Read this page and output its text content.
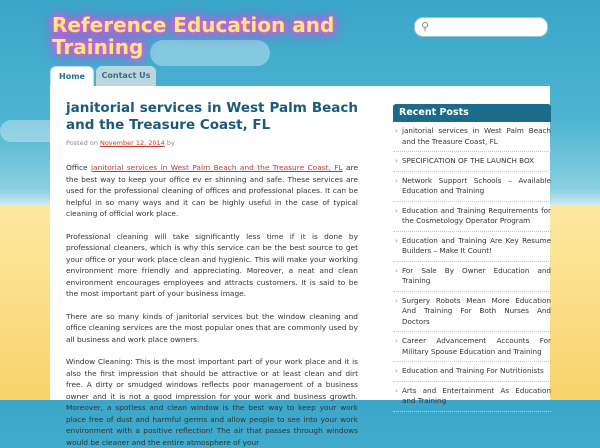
Reference Education and Training
⚲
Home	Contact Us
janitorial services in West Palm Beach and the Treasure Coast, FL
Posted on November 12, 2014 by

Office janitorial services in West Palm Beach and the Treasure Coast, FL are the best way to keep your office ev er shinning and safe. These services are used for the professional cleaning of offices and professional places. It can be helpful in so many ways and it can be highly useful in the case of typical cleaning of official work place.

Professional cleaning will take significantly less time if it is done by professional cleaners, which is why this service can be the best source to get your office or your work place clean and hygienic. This will make your working environment more friendly and appreciating. Moreover, a neat and clean environment encourages employees and attracts customers. It is said to be the most important part of your business image.

There are so many kinds of janitorial services but the window cleaning and office cleaning services are the most popular ones that are commonly used by all business and work place owners.

Window Cleaning: This is the most important part of your work place and it is also the first impression that should be attractive or at least clean and dirt free. A dirty or smudged windows reflects poor management of a business owner and it is not a good impression for your work and business growth. Moreover, a spotless and clean window is the best way to keep your work place free of dust and harmful germs and allow people to see into your work environment with a positive reflection! The air that passes through windows would be cleaner and the entire atmosphere of your

Recent Posts
› janitorial services in West Palm Beach and the Treasure Coast, FL
› SPECIFICATION OF THE LAUNCH BOX
› Network Support Schools – Available Education and Training
› Education and Training Requirements for the Cosmetology Operator Program
› Education and Training Are Key Resume Builders – Make It Count!
› For Sale By Owner Education and Training
› Surgery Robots Mean More Education And Training For Both Nurses And Doctors
› Career Advancement Accounts For Military Spouse Education and Training
› Education and Training For Nutritionists
› Arts and Entertainment As Education and Training
